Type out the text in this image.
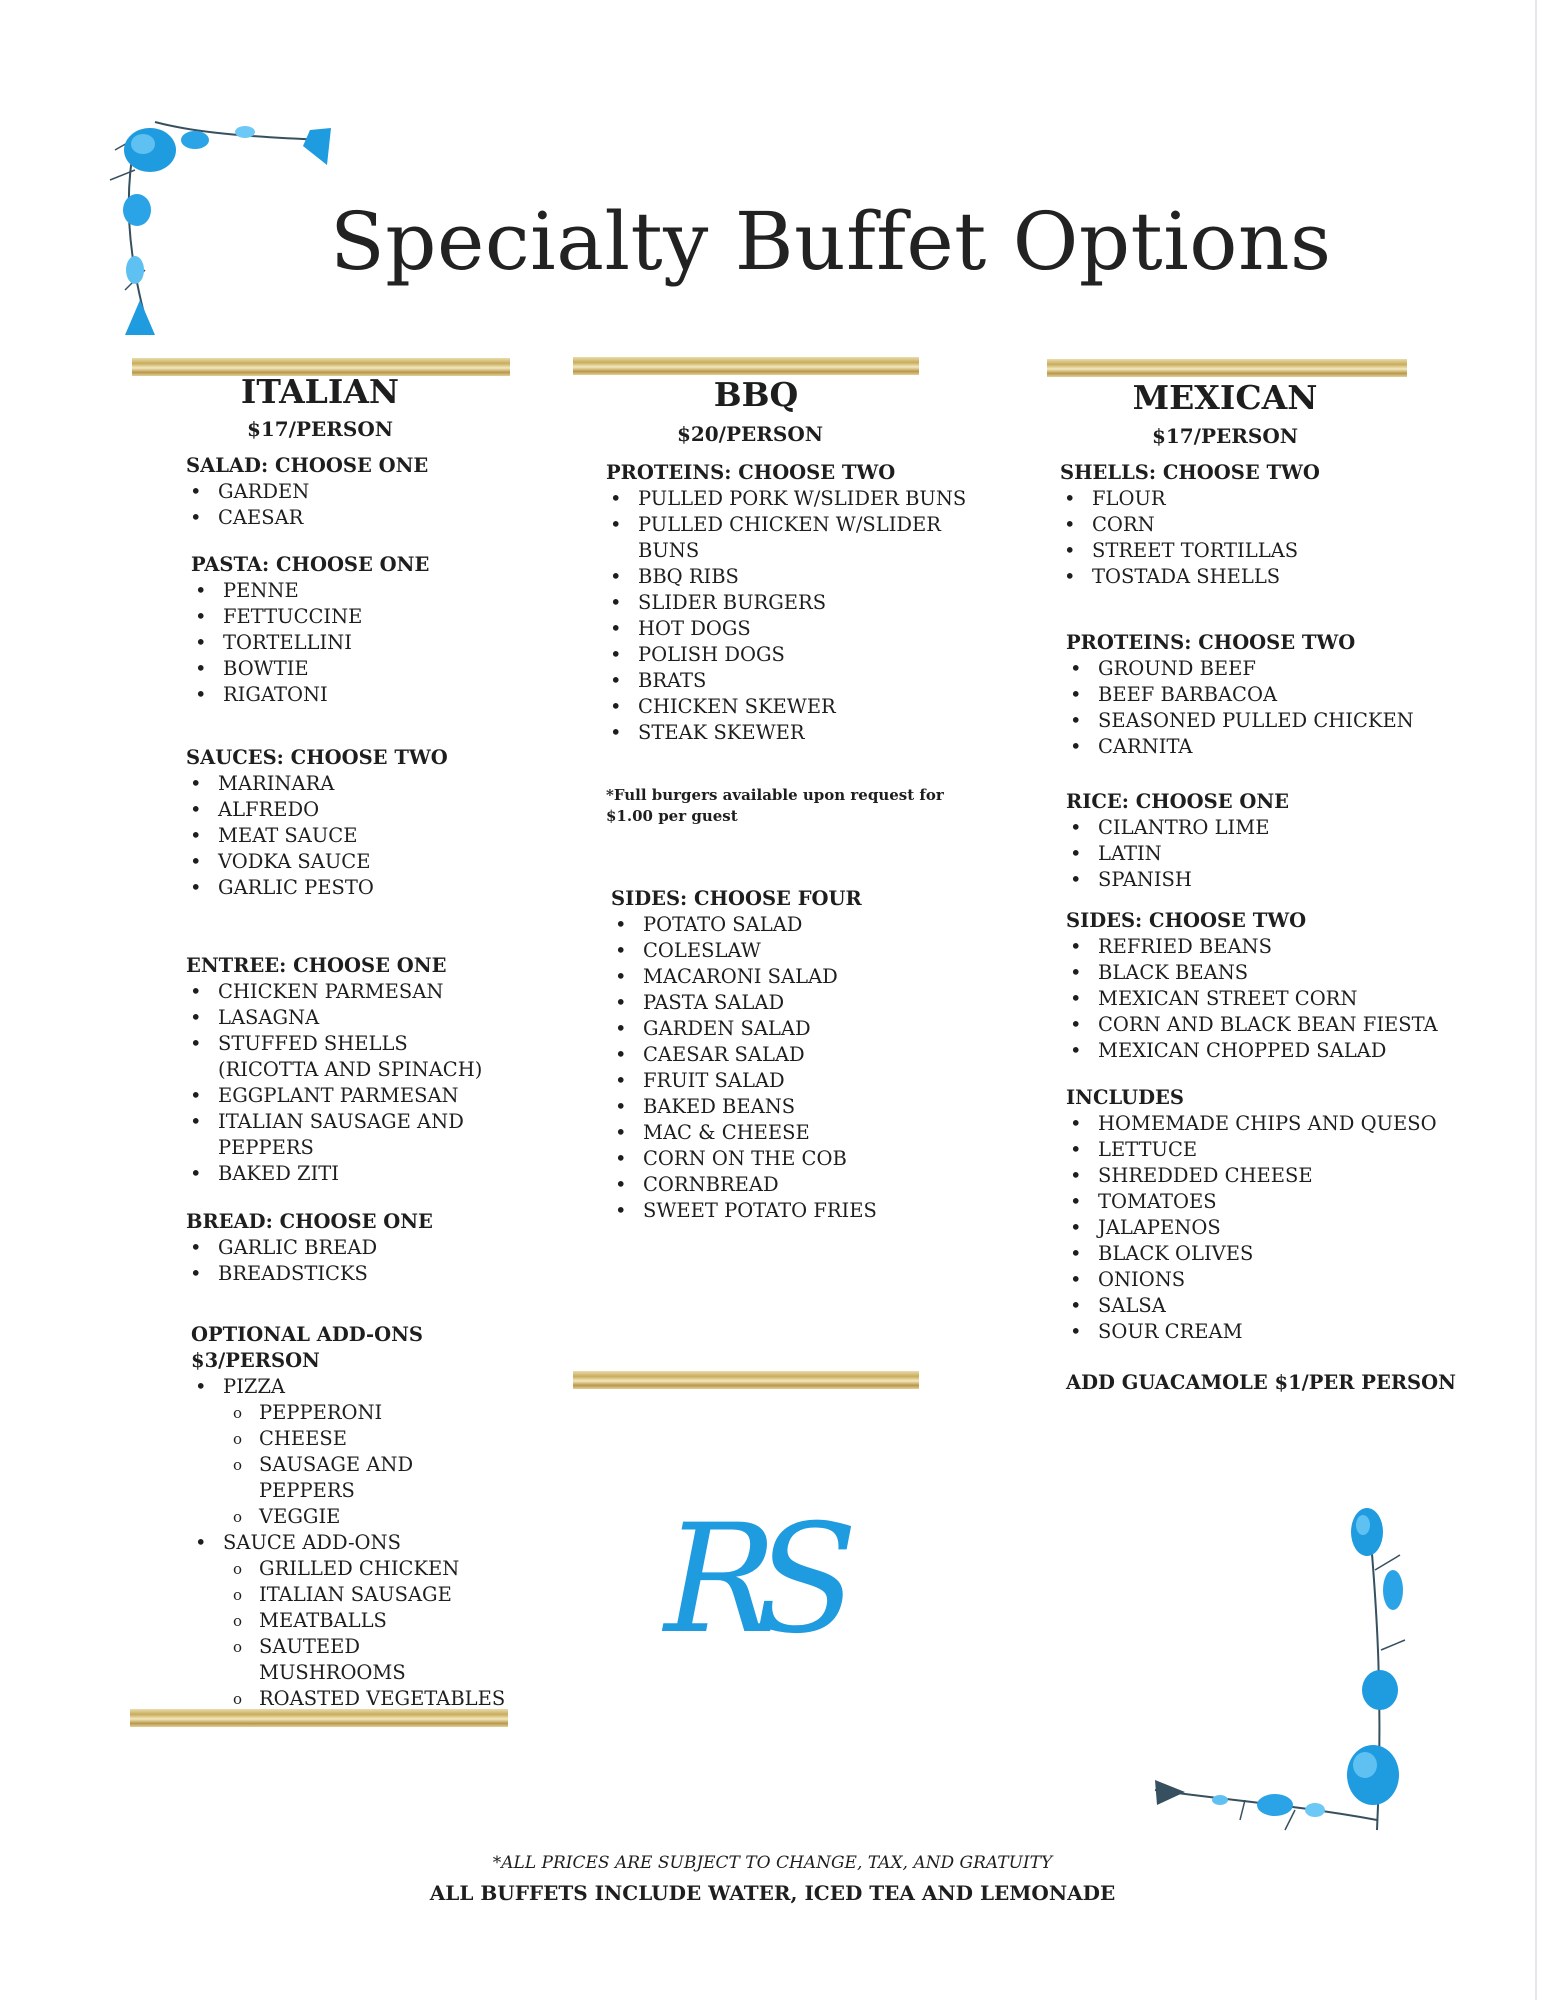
Specialty Buffet Options
ITALIAN
$17/PERSON
SALAD: CHOOSE ONE
• GARDEN
• CAESAR
PASTA: CHOOSE ONE
• PENNE
• FETTUCCINE
• TORTELLINI
• BOWTIE
• RIGATONI
SAUCES: CHOOSE TWO
• MARINARA
• ALFREDO
• MEAT SAUCE
• VODKA SAUCE
• GARLIC PESTO
ENTREE: CHOOSE ONE
• CHICKEN PARMESAN
• LASAGNA
• STUFFED SHELLS
(RICOTTA AND SPINACH)
• EGGPLANT PARMESAN
• ITALIAN SAUSAGE AND
PEPPERS
• BAKED ZITI
BREAD: CHOOSE ONE
• GARLIC BREAD
• BREADSTICKS
OPTIONAL ADD-ONS
$3/PERSON
• PIZZA
o PEPPERONI
o CHEESE
o SAUSAGE AND
PEPPERS
o VEGGIE
• SAUCE ADD-ONS
o GRILLED CHICKEN
o ITALIAN SAUSAGE
o MEATBALLS
o SAUTEED
MUSHROOMS
o ROASTED VEGETABLES
BBQ
$20/PERSON
PROTEINS: CHOOSE TWO
• PULLED PORK W/SLIDER BUNS
• PULLED CHICKEN W/SLIDER
BUNS
• BBQ RIBS
• SLIDER BURGERS
• HOT DOGS
• POLISH DOGS
• BRATS
• CHICKEN SKEWER
• STEAK SKEWER
*Full burgers available upon request for
$1.00 per guest
SIDES: CHOOSE FOUR
• POTATO SALAD
• COLESLAW
• MACARONI SALAD
• PASTA SALAD
• GARDEN SALAD
• CAESAR SALAD
• FRUIT SALAD
• BAKED BEANS
• MAC & CHEESE
• CORN ON THE COB
• CORNBREAD
• SWEET POTATO FRIES
RS
MEXICAN
$17/PERSON
SHELLS: CHOOSE TWO
• FLOUR
• CORN
• STREET TORTILLAS
• TOSTADA SHELLS
PROTEINS: CHOOSE TWO
• GROUND BEEF
• BEEF BARBACOA
• SEASONED PULLED CHICKEN
• CARNITA
RICE: CHOOSE ONE
• CILANTRO LIME
• LATIN
• SPANISH
SIDES: CHOOSE TWO
• REFRIED BEANS
• BLACK BEANS
• MEXICAN STREET CORN
• CORN AND BLACK BEAN FIESTA
• MEXICAN CHOPPED SALAD
INCLUDES
• HOMEMADE CHIPS AND QUESO
• LETTUCE
• SHREDDED CHEESE
• TOMATOES
• JALAPENOS
• BLACK OLIVES
• ONIONS
• SALSA
• SOUR CREAM
ADD GUACAMOLE $1/PER PERSON
*ALL PRICES ARE SUBJECT TO CHANGE, TAX, AND GRATUITY
ALL BUFFETS INCLUDE WATER, ICED TEA AND LEMONADE
